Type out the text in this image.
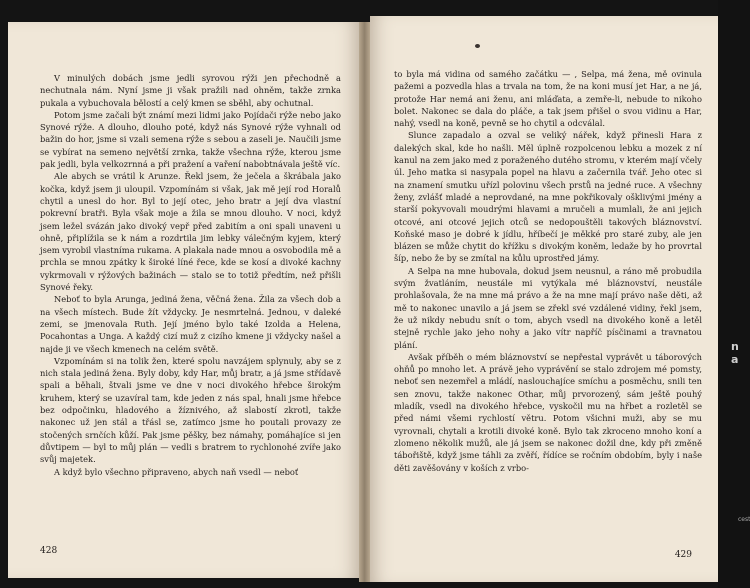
n a
cest

V minulých dobách jsme jedli syrovou rýži jen přechodně a nechutnala nám. Nyní jsme ji však pražili nad ohněm, takže zrnka pukala a vybuchovala bělostí a celý kmen se sběhl, aby ochutnal.

Potom jsme začali být známí mezi lidmi jako Pojídači rýže nebo jako Synové rýže. A dlouho, dlouho poté, když nás Synové rýže vyhnali od bažin do hor, jsme si vzali semena rýže s sebou a zaseli je. Naučili jsme se vybírat na semeno největší zrnka, takže všechna rýže, kterou jsme pak jedli, byla velkozrnná a při pražení a vaření nabobtnávala ještě víc.

Ale abych se vrátil k Arunze. Řekl jsem, že ječela a škrábala jako kočka, když jsem ji uloupil. Vzpomínám si však, jak mě její rod Horalů chytil a unesl do hor. Byl to její otec, jeho bratr a její dva vlastní pokrevní bratři. Byla však moje a žila se mnou dlouho. V noci, když jsem ležel svázán jako divoký vepř před zabitím a oni spali unaveni u ohně, připlížila se k nám a rozdrtila jim lebky válečným kyjem, který jsem vyrobil vlastníma rukama. A plakala nade mnou a osvobodila mě a prchla se mnou zpátky k široké líné řece, kde se kosí a divoké kachny vykrmovali v rýžových bažinách — stalo se to totiž předtím, než přišli Synové řeky.

Neboť to byla Arunga, jediná žena, věčná žena. Žila za všech dob a na všech místech. Bude žít vždycky. Je nesmrtelná. Jednou, v daleké zemi, se jmenovala Ruth. Její jméno bylo také Izolda a Helena, Pocahontas a Unga. A každý cizí muž z cizího kmene ji vždycky našel a najde ji ve všech kmenech na celém světě.

Vzpomínám si na tolik žen, které spolu navzájem splynuly, aby se z nich stala jediná žena. Byly doby, kdy Har, můj bratr, a já jsme střídavě spali a běhali, štvali jsme ve dne v noci divokého hřebce širokým kruhem, který se uzavíral tam, kde jeden z nás spal, hnali jsme hřebce bez odpočinku, hladového a žíznivého, až slabostí zkrotl, takže nakonec už jen stál a třásl se, zatímco jsme ho poutali provazy ze stočených srnčích kůží. Pak jsme pěšky, bez námahy, pomáhajíce si jen důvtipem — byl to můj plán — vedli s bratrem to rychlonohé zvíře jako svůj majetek.

A když bylo všechno připraveno, abych naň vsedl — neboť

428

to byla má vidina od samého začátku — , Selpa, má žena, mě ovinula pažemi a pozvedla hlas a trvala na tom, že na koni musí jet Har, a ne já, protože Har nemá ani ženu, ani mláďata, a zemře-li, nebude to nikoho bolet. Nakonec se dala do pláče, a tak jsem přišel o svou vidinu a Har, nahý, vsedl na koně, pevně se ho chytil a odcválal.

Slunce zapadalo a ozval se veliký nářek, když přinesli Hara z dalekých skal, kde ho našli. Měl úplně rozpolcenou lebku a mozek z ní kanul na zem jako med z poraženého dutého stromu, v kterém mají včely úl. Jeho matka si nasypala popel na hlavu a začernila tvář. Jeho otec si na znamení smutku uřízl polovinu všech prstů na jedné ruce. A všechny ženy, zvlášť mladé a neprovdané, na mne pokřikovaly ošklivými jmény a starší pokyvovali moudrými hlavami a mručeli a mumlali, že ani jejich otcové, ani otcové jejich otců se nedopouštěli takových bláznovství. Koňské maso je dobré k jídlu, hříbečí je měkké pro staré zuby, ale jen blázen se může chytit do křížku s divokým koněm, ledaže by ho provrtal šíp, nebo že by se zmítal na kůlu uprostřed jámy.

A Selpa na mne hubovala, dokud jsem neusnul, a ráno mě probudila svým žvatláním, neustále mi vytýkala mé bláznovství, neustále prohlašovala, že na mne má právo a že na mne mají právo naše děti, až mě to nakonec unavilo a já jsem se zřekl své vzdálené vidiny, řekl jsem, že už nikdy nebudu snít o tom, abych vsedl na divokého koně a letěl stejně rychle jako jeho nohy a jako vítr napříč písčinami a travnatou plání.

Avšak příběh o mém bláznovství se nepřestal vyprávět u táborových ohňů po mnoho let. A právě jeho vyprávění se stalo zdrojem mé pomsty, neboť sen nezemřel a mládí, naslouchajíce smíchu a posměchu, snili ten sen znovu, takže nakonec Othar, můj prvorozený, sám ještě pouhý mladík, vsedl na divokého hřebce, vyskočil mu na hřbet a rozletěl se před námi všemi rychlostí větru. Potom všichni muži, aby se mu vyrovnali, chytali a krotili divoké koně. Bylo tak zkroceno mnoho koní a zlomeno několik mužů, ale já jsem se nakonec dožil dne, kdy při změně tábořiště, když jsme táhli za zvěří, řídíce se ročním obdobím, byly i naše děti zavěšovány v koších z vrbo-

429
